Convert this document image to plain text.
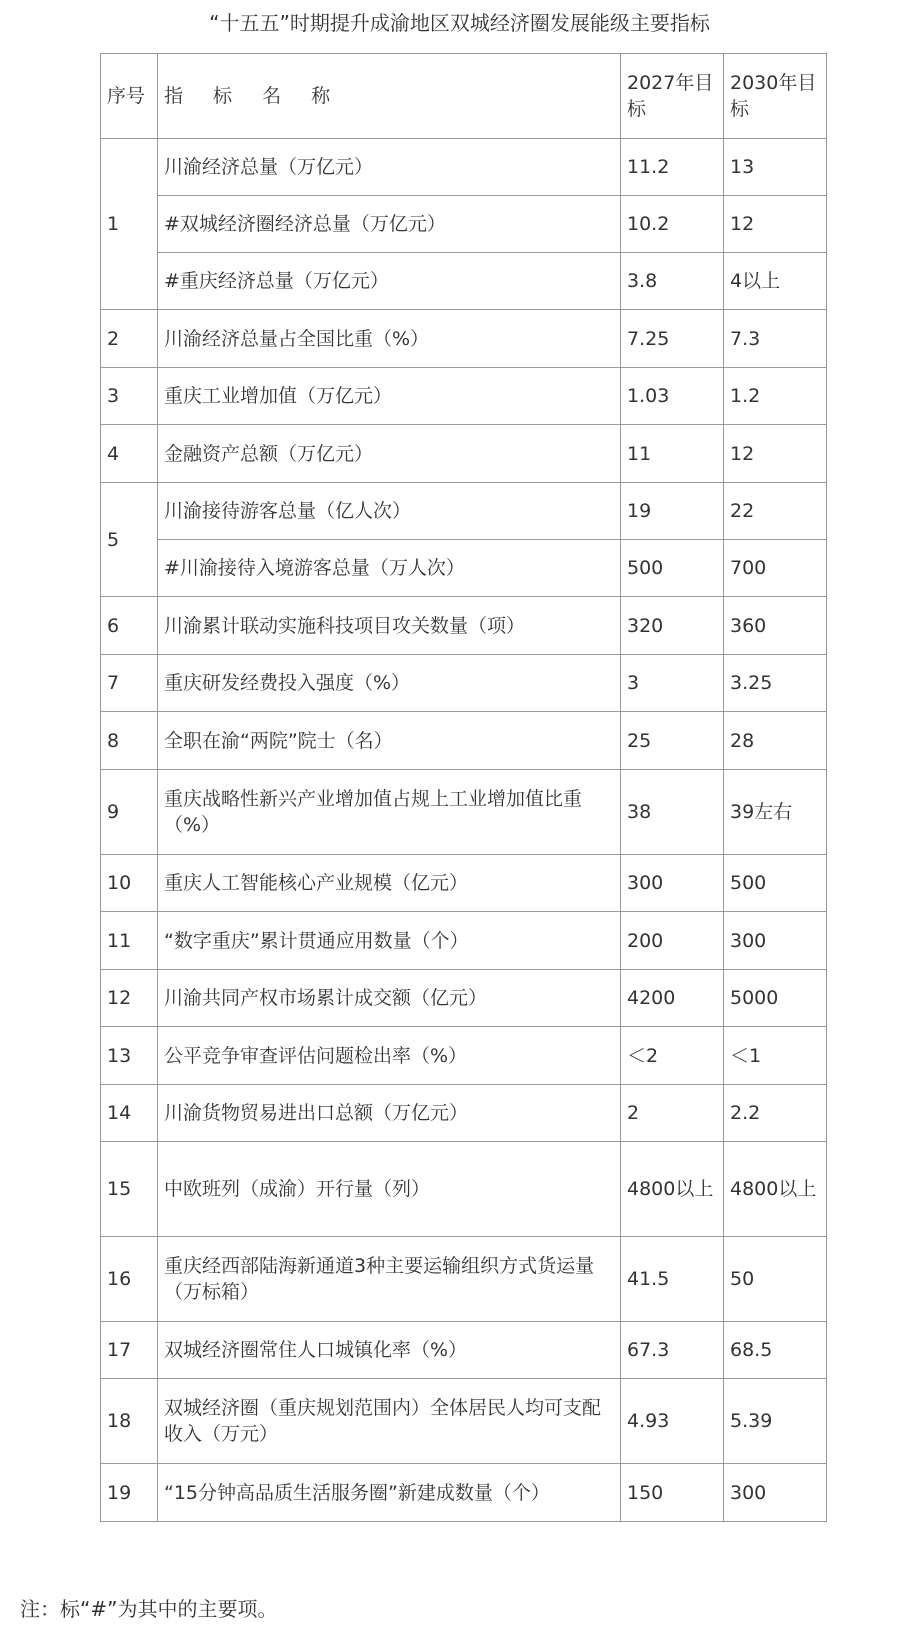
“十五五”时期提升成渝地区双城经济圈发展能级主要指标
序号	指 标 名 称	2027年目标	2030年目标
1	川渝经济总量（万亿元）	11.2	13
	#双城经济圈经济总量（万亿元）	10.2	12
	#重庆经济总量（万亿元）	3.8	4以上
2	川渝经济总量占全国比重（%）	7.25	7.3
3	重庆工业增加值（万亿元）	1.03	1.2
4	金融资产总额（万亿元）	11	12
5	川渝接待游客总量（亿人次）	19	22
	#川渝接待入境游客总量（万人次）	500	700
6	川渝累计联动实施科技项目攻关数量（项）	320	360
7	重庆研发经费投入强度（%）	3	3.25
8	全职在渝“两院”院士（名）	25	28
9	重庆战略性新兴产业增加值占规上工业增加值比重（%）	38	39左右
10	重庆人工智能核心产业规模（亿元）	300	500
11	“数字重庆”累计贯通应用数量（个）	200	300
12	川渝共同产权市场累计成交额（亿元）	4200	5000
13	公平竞争审查评估问题检出率（%）	＜2	＜1
14	川渝货物贸易进出口总额（万亿元）	2	2.2
15	中欧班列（成渝）开行量（列）	4800以上	4800以上
16	重庆经西部陆海新通道3种主要运输组织方式货运量（万标箱）	41.5	50
17	双城经济圈常住人口城镇化率（%）	67.3	68.5
18	双城经济圈（重庆规划范围内）全体居民人均可支配收入（万元）	4.93	5.39
19	“15分钟高品质生活服务圈”新建成数量（个）	150	300
注：标“#”为其中的主要项。
